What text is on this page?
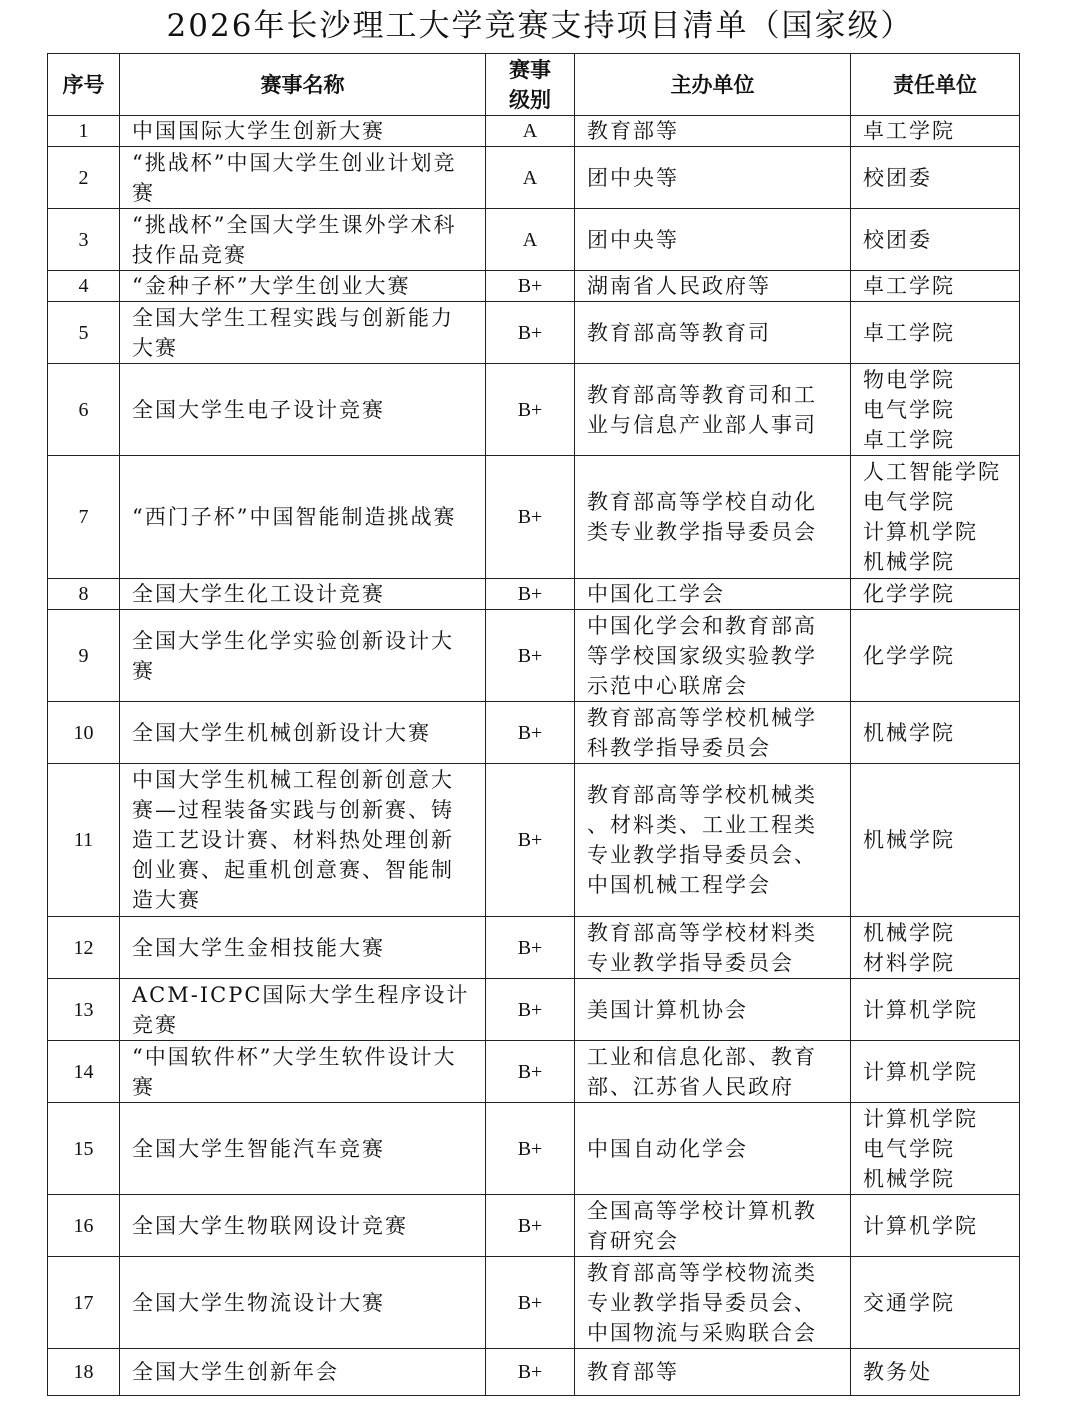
2026年长沙理工大学竞赛支持项目清单（国家级）
序号	赛事名称	赛事
级别	主办单位	责任单位
1	中国国际大学生创新大赛	A	教育部等	卓工学院

2	“挑战杯”中国大学生创业计划竞
赛	A	团中央等	校团委

3	“挑战杯”全国大学生课外学术科
技作品竞赛	A	团中央等	校团委

4	“金种子杯”大学生创业大赛	B+	湖南省人民政府等	卓工学院

5	全国大学生工程实践与创新能力
大赛	B+	教育部高等教育司	卓工学院

6	全国大学生电子设计竞赛	B+	教育部高等教育司和工
业与信息产业部人事司	物电学院
电气学院
卓工学院

7	“西门子杯”中国智能制造挑战赛	B+	教育部高等学校自动化
类专业教学指导委员会	人工智能学院
电气学院
计算机学院
机械学院

8	全国大学生化工设计竞赛	B+	中国化工学会	化学学院

9	全国大学生化学实验创新设计大
赛	B+	中国化学会和教育部高
等学校国家级实验教学
示范中心联席会	化学学院

10	全国大学生机械创新设计大赛	B+	教育部高等学校机械学
科教学指导委员会	机械学院

11	中国大学生机械工程创新创意大
赛—过程装备实践与创新赛、铸
造工艺设计赛、材料热处理创新
创业赛、起重机创意赛、智能制
造大赛	B+	教育部高等学校机械类
、材料类、工业工程类
专业教学指导委员会、
中国机械工程学会	机械学院

12	全国大学生金相技能大赛	B+	教育部高等学校材料类
专业教学指导委员会	机械学院
材料学院

13	ACM-ICPC国际大学生程序设计
竞赛	B+	美国计算机协会	计算机学院

14	“中国软件杯”大学生软件设计大
赛	B+	工业和信息化部、教育
部、江苏省人民政府	计算机学院

15	全国大学生智能汽车竞赛	B+	中国自动化学会	计算机学院
电气学院
机械学院

16	全国大学生物联网设计竞赛	B+	全国高等学校计算机教
育研究会	计算机学院

17	全国大学生物流设计大赛	B+	教育部高等学校物流类
专业教学指导委员会、
中国物流与采购联合会	交通学院

18	全国大学生创新年会	B+	教育部等	教务处
